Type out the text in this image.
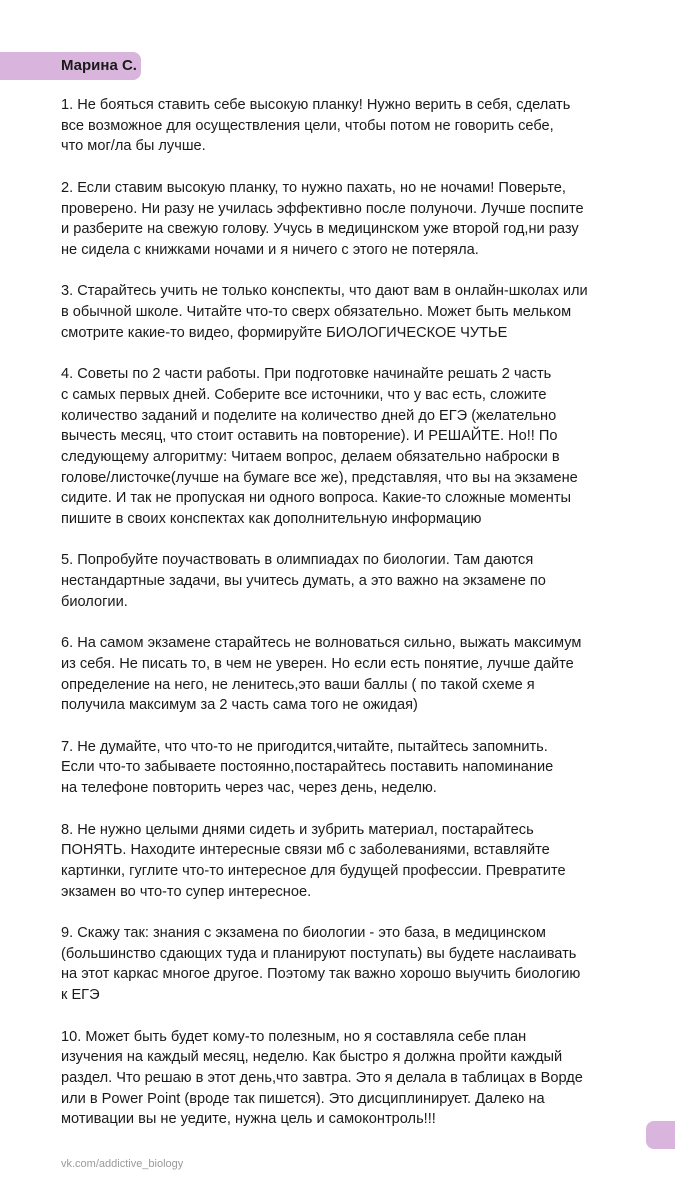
Марина С.

1. Не бояться ставить себе высокую планку! Нужно верить в себя, сделать
все возможное для осуществления цели, чтобы потом не говорить себе,
что мог/ла бы лучше.

2. Если ставим высокую планку, то нужно пахать, но не ночами! Поверьте,
проверено. Ни разу не училась эффективно после полуночи. Лучше поспите
и разберите на свежую голову. Учусь в медицинском уже второй год,ни разу
не сидела с книжками ночами и я ничего с этого не потеряла.

3. Старайтесь учить не только конспекты, что дают вам в онлайн-школах или
в обычной школе. Читайте что-то сверх обязательно. Может быть мельком
смотрите какие-то видео, формируйте БИОЛОГИЧЕСКОЕ ЧУТЬЕ

4. Советы по 2 части работы. При подготовке начинайте решать 2 часть
с самых первых дней. Соберите все источники, что у вас есть, сложите
количество заданий и поделите на количество дней до ЕГЭ (желательно
вычесть месяц, что стоит оставить на повторение). И РЕШАЙТЕ. Но!! По
следующему алгоритму: Читаем вопрос, делаем обязательно наброски в
голове/листочке(лучше на бумаге все же), представляя, что вы на экзамене
сидите. И так не пропуская ни одного вопроса. Какие-то сложные моменты
пишите в своих конспектах как дополнительную информацию

5. Попробуйте поучаствовать в олимпиадах по биологии. Там даются
нестандартные задачи, вы учитесь думать, а это важно на экзамене по
биологии.

6. На самом экзамене старайтесь не волноваться сильно, выжать максимум
из себя. Не писать то, в чем не уверен. Но если есть понятие, лучше дайте
определение на него, не ленитесь,это ваши баллы ( по такой схеме я
получила максимум за 2 часть сама того не ожидая)

7. Не думайте, что что-то не пригодится,читайте, пытайтесь запомнить.
Если что-то забываете постоянно,постарайтесь поставить напоминание
на телефоне повторить через час, через день, неделю.

8. Не нужно целыми днями сидеть и зубрить материал, постарайтесь
ПОНЯТЬ. Находите интересные связи мб с заболеваниями, вставляйте
картинки, гуглите что-то интересное для будущей профессии. Превратите
экзамен во что-то супер интересное.

9. Скажу так: знания с экзамена по биологии - это база, в медицинском
(большинство сдающих туда и планируют поступать) вы будете наслаивать
на этот каркас многое другое. Поэтому так важно хорошо выучить биологию
к ЕГЭ

10. Может быть будет кому-то полезным, но я составляла себе план
изучения на каждый месяц, неделю. Как быстро я должна пройти каждый
раздел. Что решаю в этот день,что завтра. Это я делала в таблицах в Ворде
или в Power Point (вроде так пишется). Это дисциплинирует. Далеко на
мотивации вы не уедите, нужна цель и самоконтроль!!!

vk.com/addictive_biology
